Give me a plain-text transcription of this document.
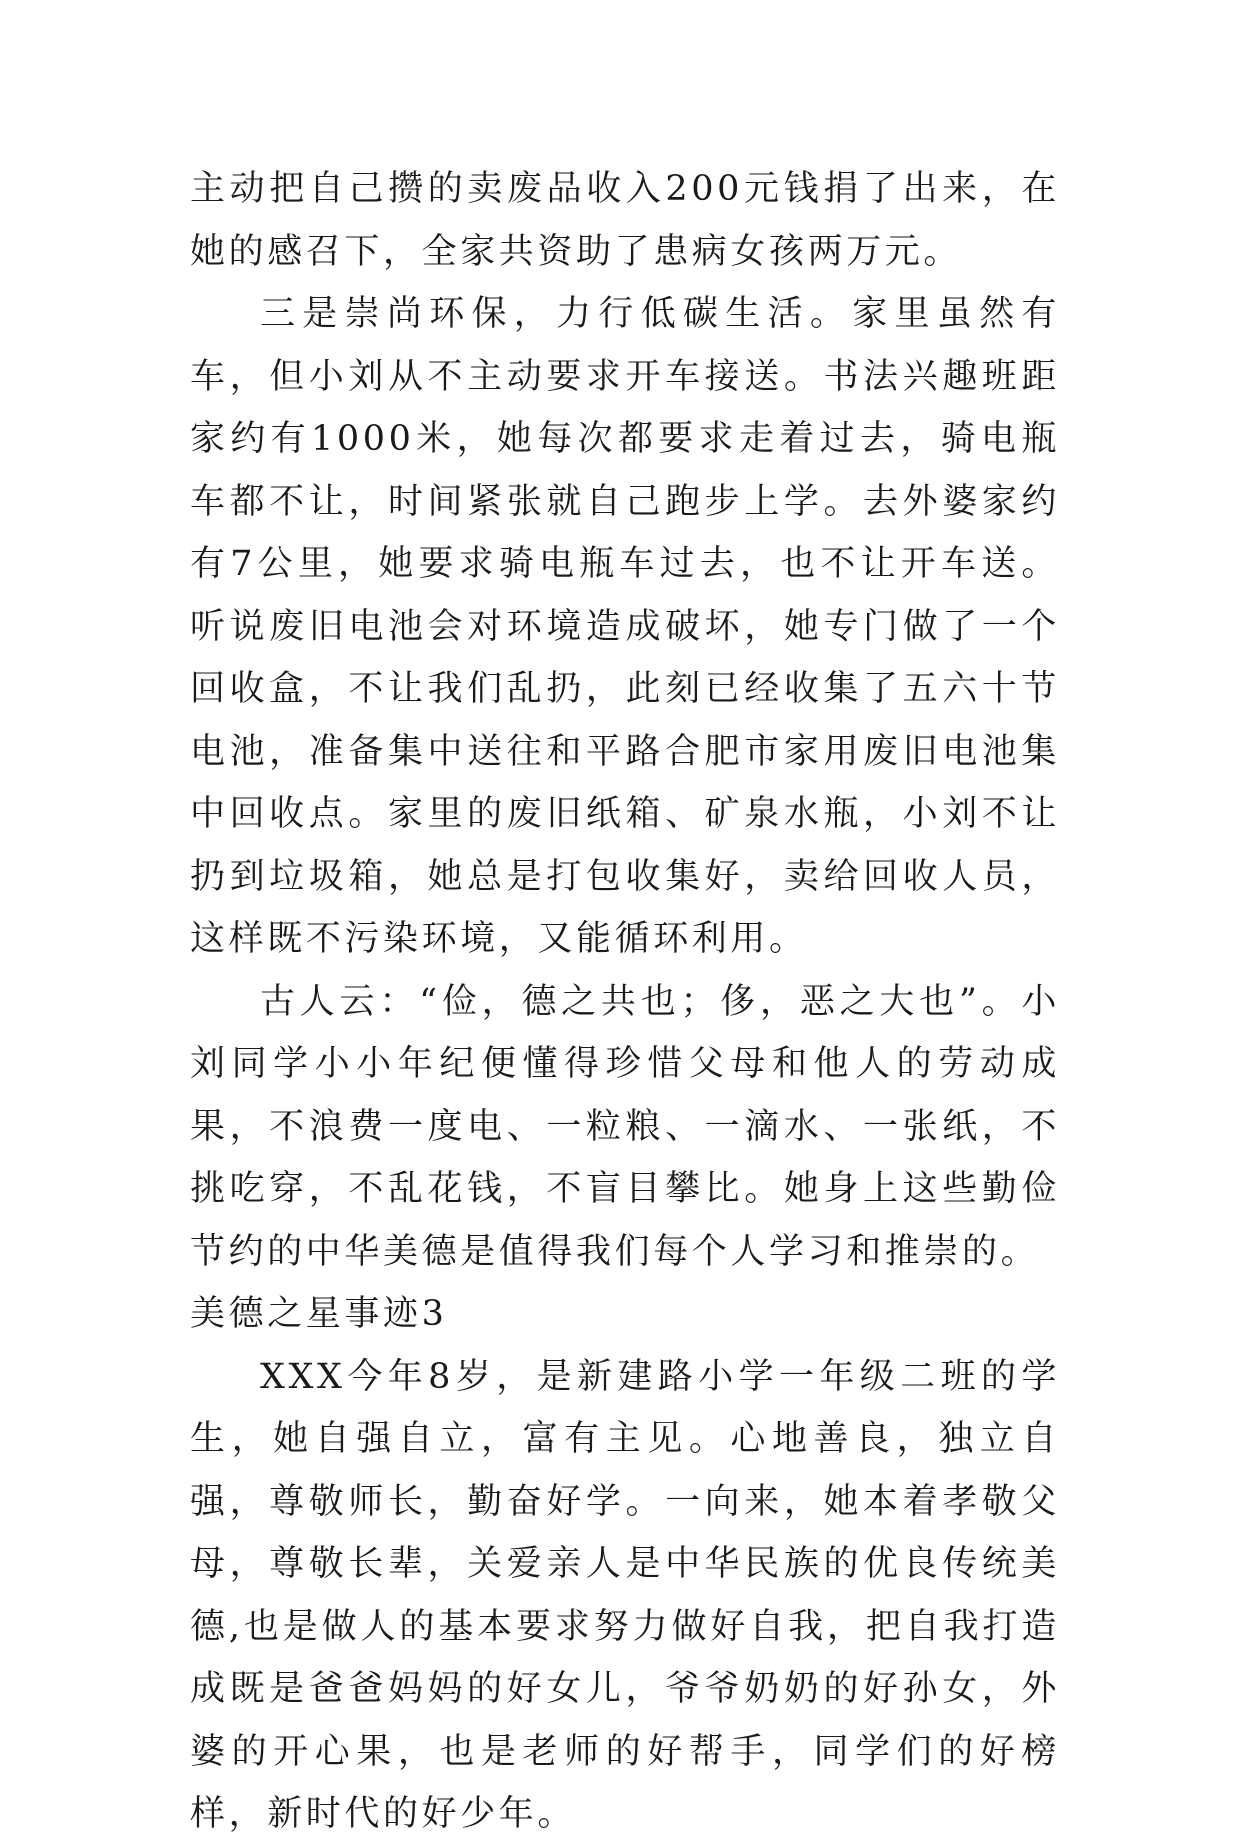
主动把自己攒的卖废品收入200元钱捐了出来，在她的感召下，全家共资助了患病女孩两万元。

三是崇尚环保，力行低碳生活。家里虽然有车，但小刘从不主动要求开车接送。书法兴趣班距家约有1000米，她每次都要求走着过去，骑电瓶车都不让，时间紧张就自己跑步上学。去外婆家约有7公里，她要求骑电瓶车过去，也不让开车送。听说废旧电池会对环境造成破坏，她专门做了一个回收盒，不让我们乱扔，此刻已经收集了五六十节电池，准备集中送往和平路合肥市家用废旧电池集中回收点。家里的废旧纸箱、矿泉水瓶，小刘不让扔到垃圾箱，她总是打包收集好，卖给回收人员，这样既不污染环境，又能循环利用。

古人云：“俭，德之共也；侈，恶之大也”。小刘同学小小年纪便懂得珍惜父母和他人的劳动成果，不浪费一度电、一粒粮、一滴水、一张纸，不挑吃穿，不乱花钱，不盲目攀比。她身上这些勤俭节约的中华美德是值得我们每个人学习和推崇的。

美德之星事迹3

XXX今年8岁，是新建路小学一年级二班的学生，她自强自立，富有主见。心地善良，独立自强，尊敬师长，勤奋好学。一向来，她本着孝敬父母，尊敬长辈，关爱亲人是中华民族的优良传统美德,也是做人的基本要求努力做好自我，把自我打造成既是爸爸妈妈的好女儿，爷爷奶奶的好孙女，外婆的开心果，也是老师的好帮手，同学们的好榜样，新时代的好少年。
